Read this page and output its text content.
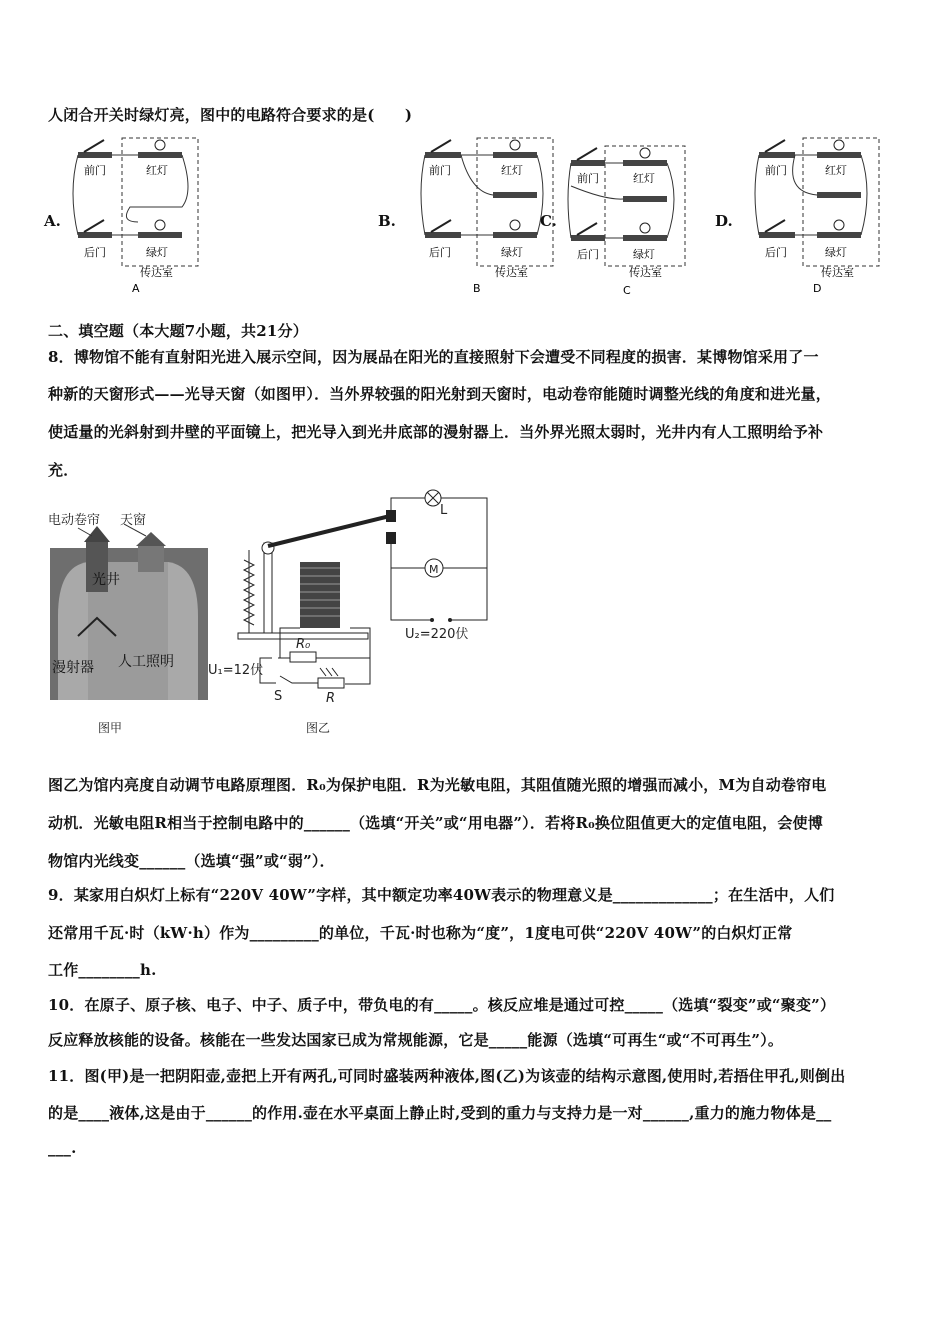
人闭合开关时绿灯亮，图中的电路符合要求的是(　　)
A.	B.	C.	D.
前门	红灯
后门	绿灯
传达室
A
前门	红灯
后门	绿灯
传达室
B
前门	红灯
后门	绿灯
传达室
C
前门	红灯
后门	绿灯
传达室
D
二、填空题（本大题7小题，共21分）
8．博物馆不能有直射阳光进入展示空间，因为展品在阳光的直接照射下会遭受不同程度的损害．某博物馆采用了一
种新的天窗形式——光导天窗（如图甲）．当外界较强的阳光射到天窗时，电动卷帘能随时调整光线的角度和进光量，
使适量的光斜射到井壁的平面镜上，把光导入到光井底部的漫射器上．当外界光照太弱时，光井内有人工照明给予补
充．
电动卷帘 天窗
光井
漫射器 人工照明
图甲
L
M
U₂=220伏
U₁=12伏
R₀
R
S
图乙
图乙为馆内亮度自动调节电路原理图．R₀为保护电阻．R为光敏电阻，其阻值随光照的增强而减小，M为自动卷帘电
动机．光敏电阻R相当于控制电路中的______（选填“开关”或“用电器”）．若将R₀换位阻值更大的定值电阻，会使博
物馆内光线变______（选填“强”或“弱”）．
9．某家用白炽灯上标有“220V 40W”字样，其中额定功率40W表示的物理意义是_____________；在生活中，人们
还常用千瓦·时（kW·h）作为_________的单位，千瓦·时也称为“度”，1度电可供“220V 40W”的白炽灯正常
工作________h.
10．在原子、原子核、电子、中子、质子中，带负电的有_____。核反应堆是通过可控_____（选填“裂变”或“聚变”）
反应释放核能的设备。核能在一些发达国家已成为常规能源，它是_____能源（选填“可再生“或“不可再生”）。
11．图(甲)是一把阴阳壶,壶把上开有两孔,可同时盛装两种液体,图(乙)为该壶的结构示意图,使用时,若捂住甲孔,则倒出
的是____液体,这是由于______的作用.壶在水平桌面上静止时,受到的重力与支持力是一对______,重力的施力物体是__
___.
